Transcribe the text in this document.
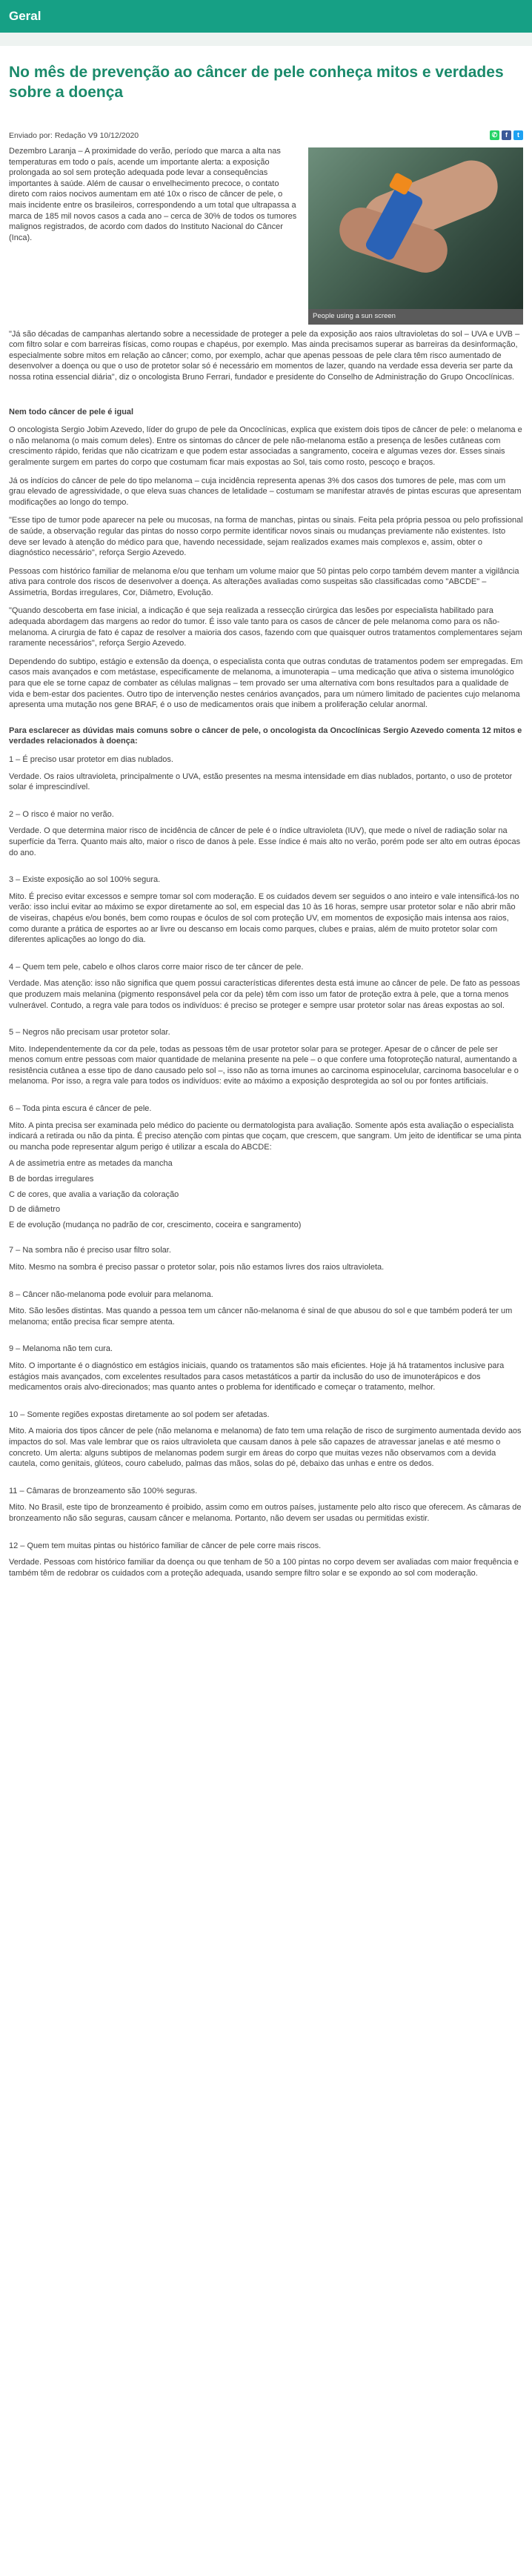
Geral
No mês de prevenção ao câncer de pele conheça mitos e verdades sobre a doença
Enviado por: Redação V9 10/12/2020	✆	f	t
People using a sun screen

Dezembro Laranja – A proximidade do verão, período que marca a alta nas temperaturas em todo o país, acende um importante alerta: a exposição prolongada ao sol sem proteção adequada pode levar a consequências importantes à saúde. Além de causar o envelhecimento precoce, o contato direto com raios nocivos aumentam em até 10x o risco de câncer de pele, o mais incidente entre os brasileiros, correspondendo a um total que ultrapassa a marca de 185 mil novos casos a cada ano – cerca de 30% de todos os tumores malignos registrados, de acordo com dados do Instituto Nacional do Câncer (Inca).

"Já são décadas de campanhas alertando sobre a necessidade de proteger a pele da exposição aos raios ultravioletas do sol – UVA e UVB – com filtro solar e com barreiras físicas, como roupas e chapéus, por exemplo. Mas ainda precisamos superar as barreiras da desinformação, especialmente sobre mitos em relação ao câncer; como, por exemplo, achar que apenas pessoas de pele clara têm risco aumentado de desenvolver a doença ou que o uso de protetor solar só é necessário em momentos de lazer, quando na verdade essa deveria ser parte da nossa rotina essencial diária", diz o oncologista Bruno Ferrari, fundador e presidente do Conselho de Administração do Grupo Oncoclínicas.

Nem todo câncer de pele é igual

O oncologista Sergio Jobim Azevedo, líder do grupo de pele da Oncoclínicas, explica que existem dois tipos de câncer de pele: o melanoma e o não melanoma (o mais comum deles). Entre os sintomas do câncer de pele não-melanoma estão a presença de lesões cutâneas com crescimento rápido, feridas que não cicatrizam e que podem estar associadas a sangramento, coceira e algumas vezes dor. Esses sinais geralmente surgem em partes do corpo que costumam ficar mais expostas ao Sol, tais como rosto, pescoço e braços.

Já os indícios do câncer de pele do tipo melanoma – cuja incidência representa apenas 3% dos casos dos tumores de pele, mas com um grau elevado de agressividade, o que eleva suas chances de letalidade – costumam se manifestar através de pintas escuras que apresentam modificações ao longo do tempo.

"Esse tipo de tumor pode aparecer na pele ou mucosas, na forma de manchas, pintas ou sinais. Feita pela própria pessoa ou pelo profissional de saúde, a observação regular das pintas do nosso corpo permite identificar novos sinais ou mudanças previamente não existentes. Isto deve ser levado à atenção do médico para que, havendo necessidade, sejam realizados exames mais complexos e, assim, obter o diagnóstico necessário", reforça Sergio Azevedo.

Pessoas com histórico familiar de melanoma e/ou que tenham um volume maior que 50 pintas pelo corpo também devem manter a vigilância ativa para controle dos riscos de desenvolver a doença. As alterações avaliadas como suspeitas são classificadas como "ABCDE" – Assimetria, Bordas irregulares, Cor, Diâmetro, Evolução.

"Quando descoberta em fase inicial, a indicação é que seja realizada a ressecção cirúrgica das lesões por especialista habilitado para adequada abordagem das margens ao redor do tumor. É isso vale tanto para os casos de câncer de pele melanoma como para os não-melanoma. A cirurgia de fato é capaz de resolver a maioria dos casos, fazendo com que quaisquer outros tratamentos complementares sejam raramente necessários", reforça Sergio Azevedo.

Dependendo do subtipo, estágio e extensão da doença, o especialista conta que outras condutas de tratamentos podem ser empregadas. Em casos mais avançados e com metástase, especificamente de melanoma, a imunoterapia – uma medicação que ativa o sistema imunológico para que ele se torne capaz de combater as células malignas – tem provado ser uma alternativa com bons resultados para a qualidade de vida e bem-estar dos pacientes. Outro tipo de intervenção nestes cenários avançados, para um número limitado de pacientes cujo melanoma apresenta uma mutação nos gene BRAF, é o uso de medicamentos orais que inibem a proliferação celular anormal.

Para esclarecer as dúvidas mais comuns sobre o câncer de pele, o oncologista da Oncoclínicas Sergio Azevedo comenta 12 mitos e verdades relacionados à doença:

1 – É preciso usar protetor em dias nublados.

Verdade. Os raios ultravioleta, principalmente o UVA, estão presentes na mesma intensidade em dias nublados, portanto, o uso de protetor solar é imprescindível.

2 – O risco é maior no verão.

Verdade. O que determina maior risco de incidência de câncer de pele é o índice ultravioleta (IUV), que mede o nível de radiação solar na superfície da Terra. Quanto mais alto, maior o risco de danos à pele. Esse índice é mais alto no verão, porém pode ser alto em outras épocas do ano.

3 – Existe exposição ao sol 100% segura.

Mito. É preciso evitar excessos e sempre tomar sol com moderação. E os cuidados devem ser seguidos o ano inteiro e vale intensificá-los no verão: isso inclui evitar ao máximo se expor diretamente ao sol, em especial das 10 às 16 horas, sempre usar protetor solar e não abrir mão de viseiras, chapéus e/ou bonés, bem como roupas e óculos de sol com proteção UV, em momentos de exposição mais intensa aos raios, como durante a prática de esportes ao ar livre ou descanso em locais como parques, clubes e praias, além de muito protetor solar com diferentes aplicações ao longo do dia.

4 – Quem tem pele, cabelo e olhos claros corre maior risco de ter câncer de pele.

Verdade. Mas atenção: isso não significa que quem possui características diferentes desta está imune ao câncer de pele. De fato as pessoas que produzem mais melanina (pigmento responsável pela cor da pele) têm com isso um fator de proteção extra à pele, que a torna menos vulnerável. Contudo, a regra vale para todos os indivíduos: é preciso se proteger e sempre usar protetor solar nas áreas expostas ao sol.

5 – Negros não precisam usar protetor solar.

Mito. Independentemente da cor da pele, todas as pessoas têm de usar protetor solar para se proteger. Apesar de o câncer de pele ser menos comum entre pessoas com maior quantidade de melanina presente na pele – o que confere uma fotoproteção natural, aumentando a resistência cutânea a esse tipo de dano causado pelo sol –, isso não as torna imunes ao carcinoma espinocelular, carcinoma basocelular e o melanoma. Por isso, a regra vale para todos os indivíduos: evite ao máximo a exposição desprotegida ao sol ou por fontes artificiais.

6 – Toda pinta escura é câncer de pele.

Mito. A pinta precisa ser examinada pelo médico do paciente ou dermatologista para avaliação. Somente após esta avaliação o especialista indicará a retirada ou não da pinta. É preciso atenção com pintas que coçam, que crescem, que sangram. Um jeito de identificar se uma pinta ou mancha pode representar algum perigo é utilizar a escala do ABCDE:

A de assimetria entre as metades da mancha

B de bordas irregulares

C de cores, que avalia a variação da coloração

D de diâmetro

E de evolução (mudança no padrão de cor, crescimento, coceira e sangramento)

7 – Na sombra não é preciso usar filtro solar.

Mito. Mesmo na sombra é preciso passar o protetor solar, pois não estamos livres dos raios ultravioleta.

8 – Câncer não-melanoma pode evoluir para melanoma.

Mito. São lesões distintas. Mas quando a pessoa tem um câncer não-melanoma é sinal de que abusou do sol e que também poderá ter um melanoma; então precisa ficar sempre atenta.

9 – Melanoma não tem cura.

Mito. O importante é o diagnóstico em estágios iniciais, quando os tratamentos são mais eficientes. Hoje já há tratamentos inclusive para estágios mais avançados, com excelentes resultados para casos metastáticos a partir da inclusão do uso de imunoterápicos e dos medicamentos orais alvo-direcionados; mas quanto antes o problema for identificado e começar o tratamento, melhor.

10 – Somente regiões expostas diretamente ao sol podem ser afetadas.

Mito. A maioria dos tipos câncer de pele (não melanoma e melanoma) de fato tem uma relação de risco de surgimento aumentada devido aos impactos do sol. Mas vale lembrar que os raios ultravioleta que causam danos à pele são capazes de atravessar janelas e até mesmo o concreto. Um alerta: alguns subtipos de melanomas podem surgir em áreas do corpo que muitas vezes não observamos com a devida cautela, como genitais, glúteos, couro cabeludo, palmas das mãos, solas do pé, debaixo das unhas e entre os dedos.

11 – Câmaras de bronzeamento são 100% seguras.

Mito. No Brasil, este tipo de bronzeamento é proibido, assim como em outros países, justamente pelo alto risco que oferecem. As câmaras de bronzeamento não são seguras, causam câncer e melanoma. Portanto, não devem ser usadas ou permitidas existir.

12 – Quem tem muitas pintas ou histórico familiar de câncer de pele corre mais riscos.

Verdade. Pessoas com histórico familiar da doença ou que tenham de 50 a 100 pintas no corpo devem ser avaliadas com maior frequência e também têm de redobrar os cuidados com a proteção adequada, usando sempre filtro solar e se expondo ao sol com moderação.
